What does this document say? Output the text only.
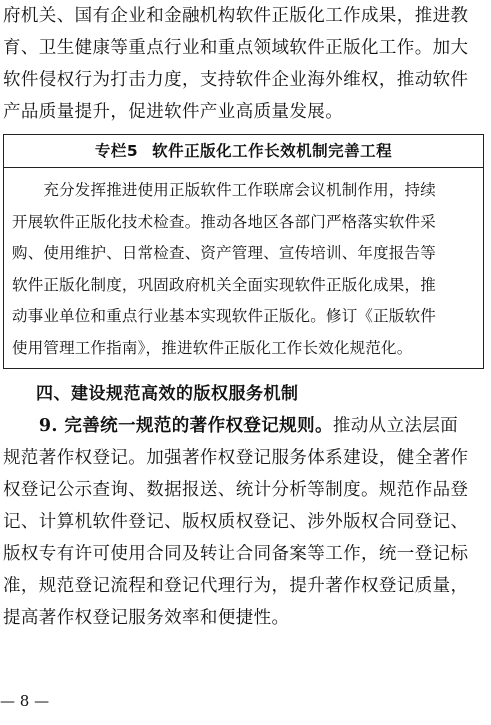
府机关、国有企业和金融机构软件正版化工作成果，推进教
育、卫生健康等重点行业和重点领域软件正版化工作。加大
软件侵权行为打击力度，支持软件企业海外维权，推动软件
产品质量提升，促进软件产业高质量发展。
专栏5 软件正版化工作长效机制完善工程
　　充分发挥推进使用正版软件工作联席会议机制作用，持续
开展软件正版化技术检查。推动各地区各部门严格落实软件采
购、使用维护、日常检查、资产管理、宣传培训、年度报告等
软件正版化制度，巩固政府机关全面实现软件正版化成果，推
动事业单位和重点行业基本实现软件正版化。修订《正版软件
使用管理工作指南》，推进软件正版化工作长效化规范化。
四、建设规范高效的版权服务机制
　　9. 完善统一规范的著作权登记规则。推动从立法层面
规范著作权登记。加强著作权登记服务体系建设，健全著作
权登记公示查询、数据报送、统计分析等制度。规范作品登
记、计算机软件登记、版权质权登记、涉外版权合同登记、
版权专有许可使用合同及转让合同备案等工作，统一登记标
准，规范登记流程和登记代理行为，提升著作权登记质量，
提高著作权登记服务效率和便捷性。
— 8 —
